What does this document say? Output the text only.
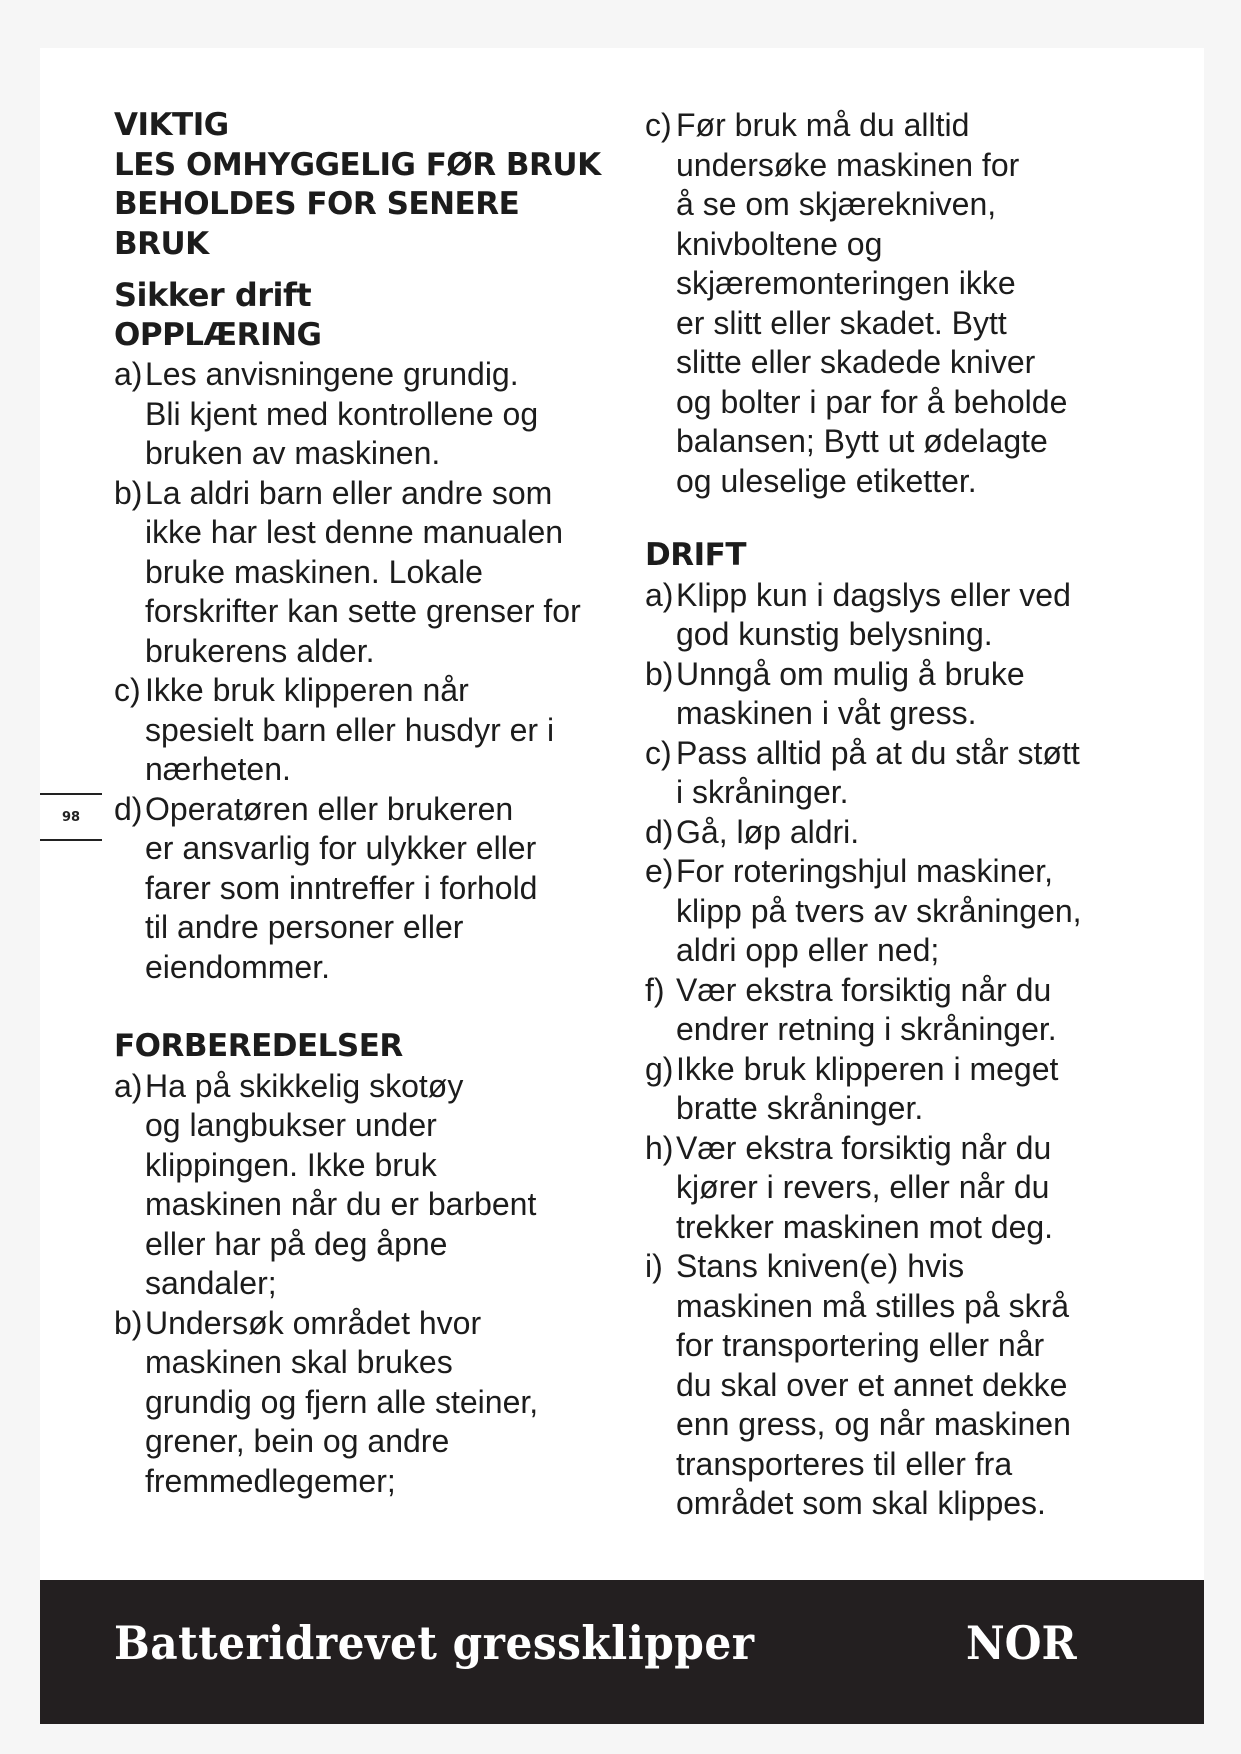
98
VIKTIG
LES OMHYGGELIG FØR BRUK
BEHOLDES FOR SENERE
BRUK
Sikker drift
OPPLÆRING
a) Les anvisningene grundig.
Bli kjent med kontrollene og
bruken av maskinen.
b) La aldri barn eller andre som
ikke har lest denne manualen
bruke maskinen. Lokale
forskrifter kan sette grenser for
brukerens alder.
c) Ikke bruk klipperen når
spesielt barn eller husdyr er i
nærheten.
d) Operatøren eller brukeren
er ansvarlig for ulykker eller
farer som inntreffer i forhold
til andre personer eller
eiendommer.
FORBEREDELSER
a) Ha på skikkelig skotøy
og langbukser under
klippingen. Ikke bruk
maskinen når du er barbent
eller har på deg åpne
sandaler;
b) Undersøk området hvor
maskinen skal brukes
grundig og fjern alle steiner,
grener, bein og andre
fremmedlegemer;
c) Før bruk må du alltid
undersøke maskinen for
å se om skjærekniven,
knivboltene og
skjæremonteringen ikke
er slitt eller skadet. Bytt
slitte eller skadede kniver
og bolter i par for å beholde
balansen; Bytt ut ødelagte
og uleselige etiketter.
DRIFT
a) Klipp kun i dagslys eller ved
god kunstig belysning.
b) Unngå om mulig å bruke
maskinen i våt gress.
c) Pass alltid på at du står støtt
i skråninger.
d) Gå, løp aldri.
e) For roteringshjul maskiner,
klipp på tvers av skråningen,
aldri opp eller ned;
f) Vær ekstra forsiktig når du
endrer retning i skråninger.
g) Ikke bruk klipperen i meget
bratte skråninger.
h) Vær ekstra forsiktig når du
kjører i revers, eller når du
trekker maskinen mot deg.
i) Stans kniven(e) hvis
maskinen må stilles på skrå
for transportering eller når
du skal over et annet dekke
enn gress, og når maskinen
transporteres til eller fra
området som skal klippes.
Batteridrevet gressklipper	NOR
